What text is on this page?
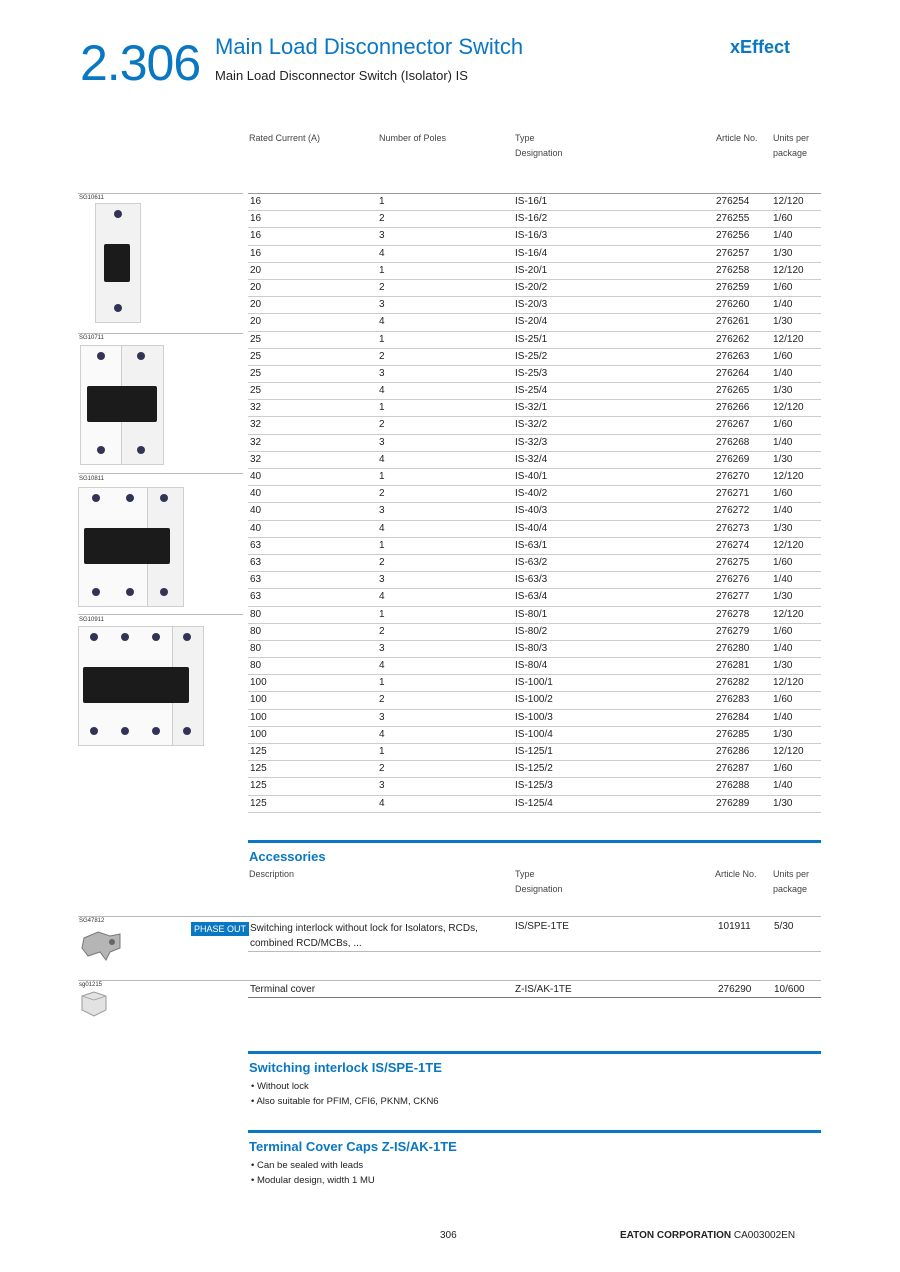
2.306 Main Load Disconnector Switch
Main Load Disconnector Switch (Isolator) IS
xEffect
Rated Current (A)	Number of Poles	Type
Designation
Article No. Units per
package
16	1	IS-16/1	276254 12/120
16	2	IS-16/2	276255 1/60
16	3	IS-16/3	276256 1/40
16	4	IS-16/4	276257 1/30
20	1	IS-20/1	276258 12/120
20	2	IS-20/2	276259 1/60
20	3	IS-20/3	276260 1/40
20	4	IS-20/4	276261 1/30
25	1	IS-25/1	276262 12/120
25	2	IS-25/2	276263 1/60
25	3	IS-25/3	276264 1/40
25	4	IS-25/4	276265 1/30
32	1	IS-32/1	276266 12/120
32	2	IS-32/2	276267 1/60
32	3	IS-32/3	276268 1/40
32	4	IS-32/4	276269 1/30
40	1	IS-40/1	276270 12/120
40	2	IS-40/2	276271 1/60
40	3	IS-40/3	276272 1/40
40	4	IS-40/4	276273 1/30
63	1	IS-63/1	276274 12/120
63	2	IS-63/2	276275 1/60
63	3	IS-63/3	276276 1/40
63	4	IS-63/4	276277 1/30
80	1	IS-80/1	276278 12/120
80	2	IS-80/2	276279 1/60
80	3	IS-80/3	276280 1/40
80	4	IS-80/4	276281 1/30
100	1	IS-100/1	276282 12/120
100	2	IS-100/2	276283 1/60
100	3	IS-100/3	276284 1/40
100	4	IS-100/4	276285 1/30
125	1	IS-125/1	276286 12/120
125	2	IS-125/2	276287 1/60
125	3	IS-125/3	276288 1/40
125	4	IS-125/4	276289 1/30
SG10611
SG10711
SG10811
SG10911
Accessories
Description	Type
Designation
Article No. Units per
package
SG47812
PHASE OUT Switching interlock without lock for Isolators, RCDs,
combined RCD/MCBs, ...
IS/SPE-1TE	101911 5/30
sg01215	Terminal cover	Z-IS/AK-1TE	276290 10/600
Switching interlock IS/SPE-1TE
• Without lock
• Also suitable for PFIM, CFI6, PKNM, CKN6
Terminal Cover Caps Z-IS/AK-1TE
• Can be sealed with leads
• Modular design, width 1 MU
306	EATON CORPORATION CA003002EN
